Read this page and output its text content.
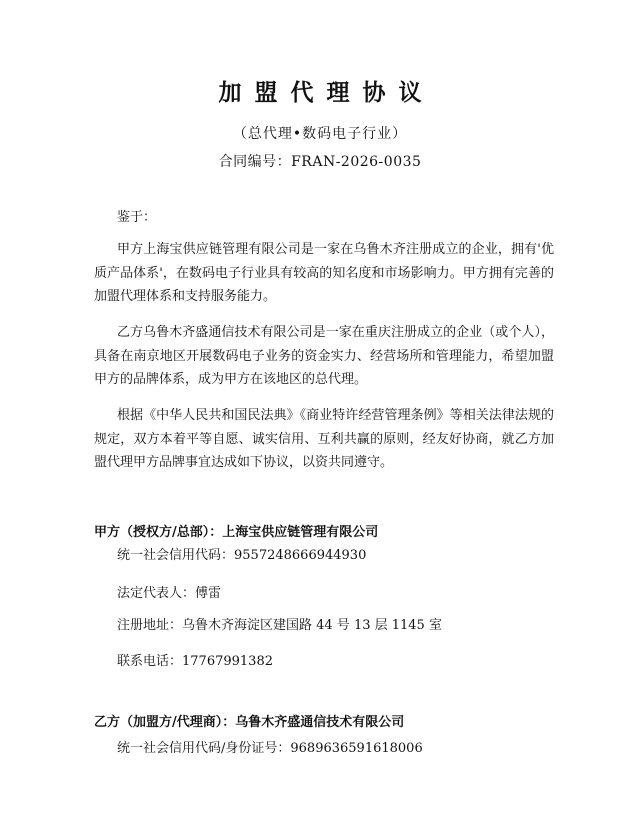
加盟代理协议
（总代理•数码电子行业）
合同编号：FRAN-2026-0035
鉴于：

甲方上海宝供应链管理有限公司是一家在乌鲁木齐注册成立的企业，拥有'优质产品体系'，在数码电子行业具有较高的知名度和市场影响力。甲方拥有完善的加盟代理体系和支持服务能力。

乙方乌鲁木齐盛通信技术有限公司是一家在重庆注册成立的企业（或个人），具备在南京地区开展数码电子业务的资金实力、经营场所和管理能力，希望加盟甲方的品牌体系，成为甲方在该地区的总代理。

根据《中华人民共和国民法典》《商业特许经营管理条例》等相关法律法规的规定，双方本着平等自愿、诚实信用、互利共赢的原则，经友好协商，就乙方加盟代理甲方品牌事宜达成如下协议，以资共同遵守。

甲方（授权方/总部）：上海宝供应链管理有限公司
统一社会信用代码：9557248666944930
法定代表人：傅雷
注册地址：乌鲁木齐海淀区建国路 44 号 13 层 1145 室
联系电话：17767991382
乙方（加盟方/代理商）：乌鲁木齐盛通信技术有限公司
统一社会信用代码/身份证号：9689636591618006
